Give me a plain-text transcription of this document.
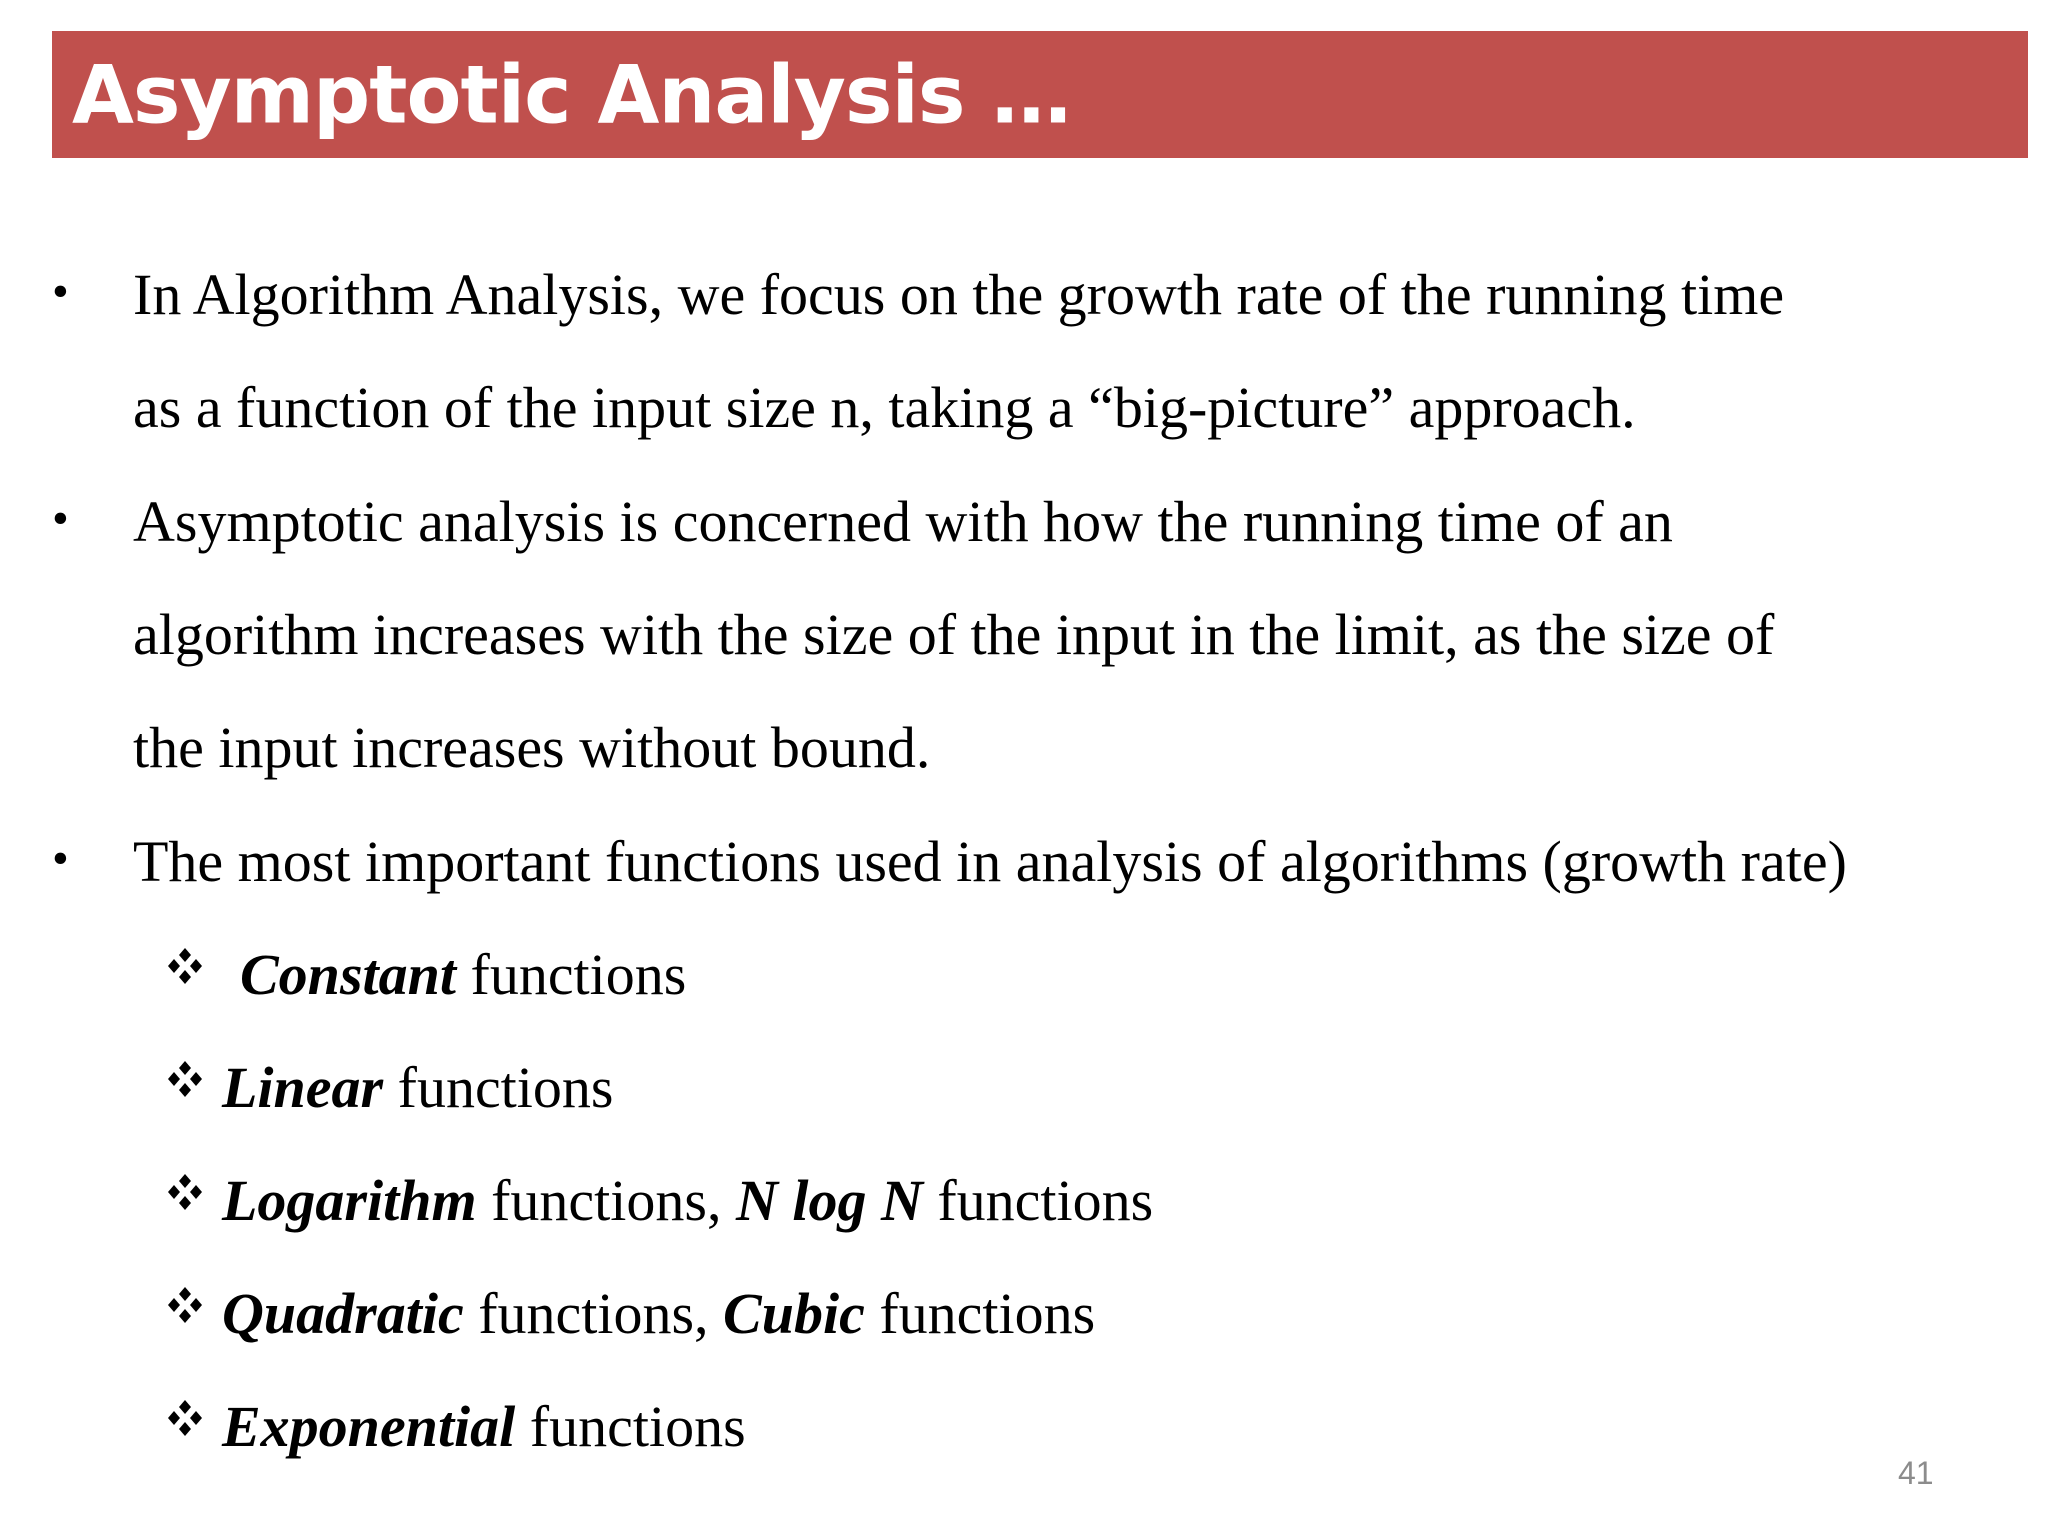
Asymptotic Analysis …
• In Algorithm Analysis, we focus on the growth rate of the running time
as a function of the input size n, taking a “big-picture” approach.
• Asymptotic analysis is concerned with how the running time of an
algorithm increases with the size of the input in the limit, as the size of
the input increases without bound.
• The most important functions used in analysis of algorithms (growth rate)
Constant functions
Linear functions
Logarithm functions, N log N functions
Quadratic functions, Cubic functions
Exponential functions
41
